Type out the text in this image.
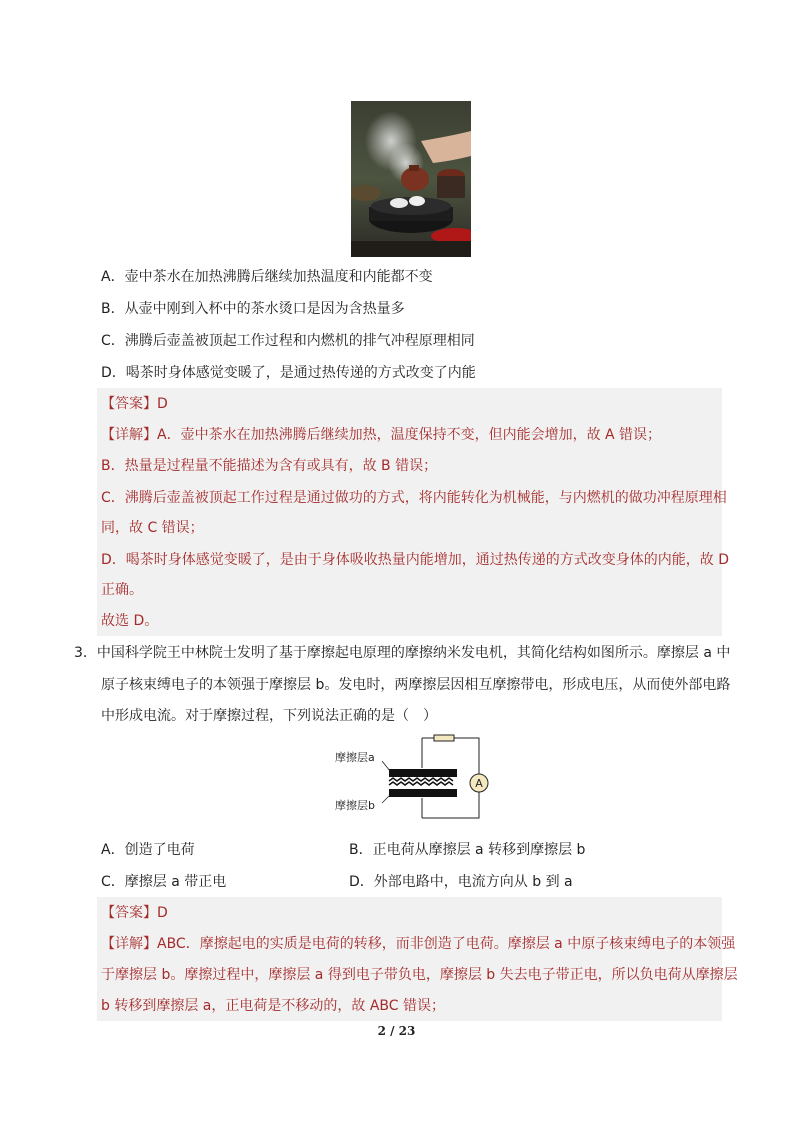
A．壶中茶水在加热沸腾后继续加热温度和内能都不变
B．从壶中刚到入杯中的茶水烫口是因为含热量多
C．沸腾后壶盖被顶起工作过程和内燃机的排气冲程原理相同
D．喝茶时身体感觉变暖了，是通过热传递的方式改变了内能
【答案】D
【详解】A．壶中茶水在加热沸腾后继续加热，温度保持不变，但内能会增加，故 A 错误；
B．热量是过程量不能描述为含有或具有，故 B 错误；
C．沸腾后壶盖被顶起工作过程是通过做功的方式，将内能转化为机械能，与内燃机的做功冲程原理相
同，故 C 错误；
D．喝茶时身体感觉变暖了，是由于身体吸收热量内能增加，通过热传递的方式改变身体的内能，故 D
正确。
故选 D。
3．中国科学院王中林院士发明了基于摩擦起电原理的摩擦纳米发电机，其简化结构如图所示。摩擦层 a 中
原子核束缚电子的本领强于摩擦层 b。发电时，两摩擦层因相互摩擦带电，形成电压，从而使外部电路
中形成电流。对于摩擦过程，下列说法正确的是（　）
A
摩擦层a
摩擦层b
A．创造了电荷	B．正电荷从摩擦层 a 转移到摩擦层 b
C．摩擦层 a 带正电	D．外部电路中，电流方向从 b 到 a
【答案】D
【详解】ABC．摩擦起电的实质是电荷的转移，而非创造了电荷。摩擦层 a 中原子核束缚电子的本领强
于摩擦层 b。摩擦过程中，摩擦层 a 得到电子带负电，摩擦层 b 失去电子带正电，所以负电荷从摩擦层
b 转移到摩擦层 a，正电荷是不移动的，故 ABC 错误；
2 / 23
